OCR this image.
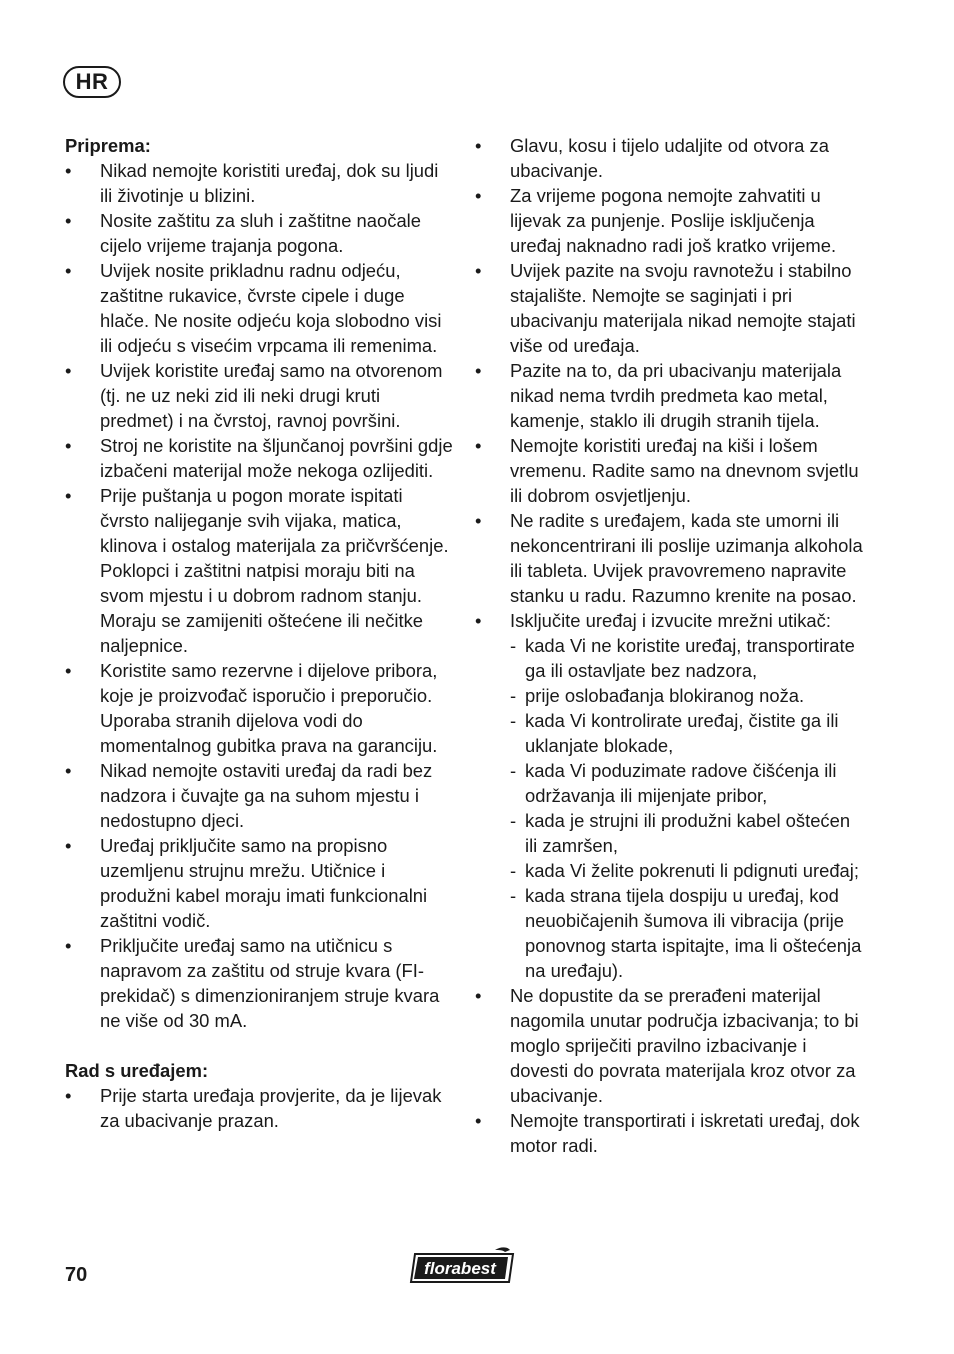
HR

Priprema:

• Nikad nemojte koristiti uređaj, dok su ljudi ili životinje u blizini.
• Nosite zaštitu za sluh i zaštitne naočale cijelo vrijeme trajanja pogona.
• Uvijek nosite prikladnu radnu odjeću, zaštitne rukavice, čvrste cipele i duge hlače. Ne nosite odjeću koja slobodno visi ili odjeću s visećim vrpcama ili remenima.
• Uvijek koristite uređaj samo na otvorenom (tj. ne uz neki zid ili neki drugi kruti predmet) i na čvrstoj, ravnoj površini.
• Stroj ne koristite na šljunčanoj površini gdje izbačeni materijal može nekoga ozlijediti.
• Prije puštanja u pogon morate ispitati čvrsto nalijeganje svih vijaka, matica, klinova i ostalog materijala za pričvršćenje. Poklopci i zaštitni natpisi moraju biti na svom mjestu i u dobrom radnom stanju. Moraju se zamijeniti oštećene ili nečitke naljepnice.
• Koristite samo rezervne i dijelove pribora, koje je proizvođač isporučio i preporučio. Uporaba stranih dijelova vodi do momentalnog gubitka prava na garanciju.
• Nikad nemojte ostaviti uređaj da radi bez nadzora i čuvajte ga na suhom mjestu i nedostupno djeci.
• Uređaj priključite samo na propisno uzemljenu strujnu mrežu. Utičnice i produžni kabel moraju imati funkcionalni zaštitni vodič.
• Priključite uređaj samo na utičnicu s napravom za zaštitu od struje kvara (FI-prekidač) s dimenzioniranjem struje kvara ne više od 30 mA.

Rad s uređajem:

• Prije starta uređaja provjerite, da je lijevak za ubacivanje prazan.
• Glavu, kosu i tijelo udaljite od otvora za ubacivanje.
• Za vrijeme pogona nemojte zahvatiti u lijevak za punjenje. Poslije isključenja uređaj naknadno radi još kratko vrijeme.
• Uvijek pazite na svoju ravnotežu i stabilno stajalište. Nemojte se saginjati i pri ubacivanju materijala nikad nemojte stajati više od uređaja.
• Pazite na to, da pri ubacivanju materijala nikad nema tvrdih predmeta kao metal, kamenje, staklo ili drugih stranih tijela.
• Nemojte koristiti uređaj na kiši i lošem vremenu. Radite samo na dnevnom svjetlu ili dobrom osvjetljenju.
• Ne radite s uređajem, kada ste umorni ili nekoncentrirani ili poslije uzimanja alkohola ili tableta. Uvijek pravovremeno napravite stanku u radu. Razumno krenite na posao.
• Isključite uređaj i izvucite mrežni utikač:
- kada Vi ne koristite uređaj, transportirate ga ili ostavljate bez nadzora,
- prije oslobađanja blokiranog noža.
- kada Vi kontrolirate uređaj, čistite ga ili uklanjate blokade,
- kada Vi poduzimate radove čišćenja ili održavanja ili mijenjate pribor,
- kada je strujni ili produžni kabel oštećen ili zamršen,
- kada Vi želite pokrenuti li pdignuti uređaj;
- kada strana tijela dospiju u uređaj, kod neuobičajenih šumova ili vibracija (prije ponovnog starta ispitajte, ima li oštećenja na uređaju).
• Ne dopustite da se prerađeni materijal nagomila unutar područja izbacivanja; to bi moglo spriječiti pravilno izbacivanje i dovesti do povrata materijala kroz otvor za ubacivanje.
• Nemojte transportirati i iskretati uređaj, dok motor radi.
70	florabest
